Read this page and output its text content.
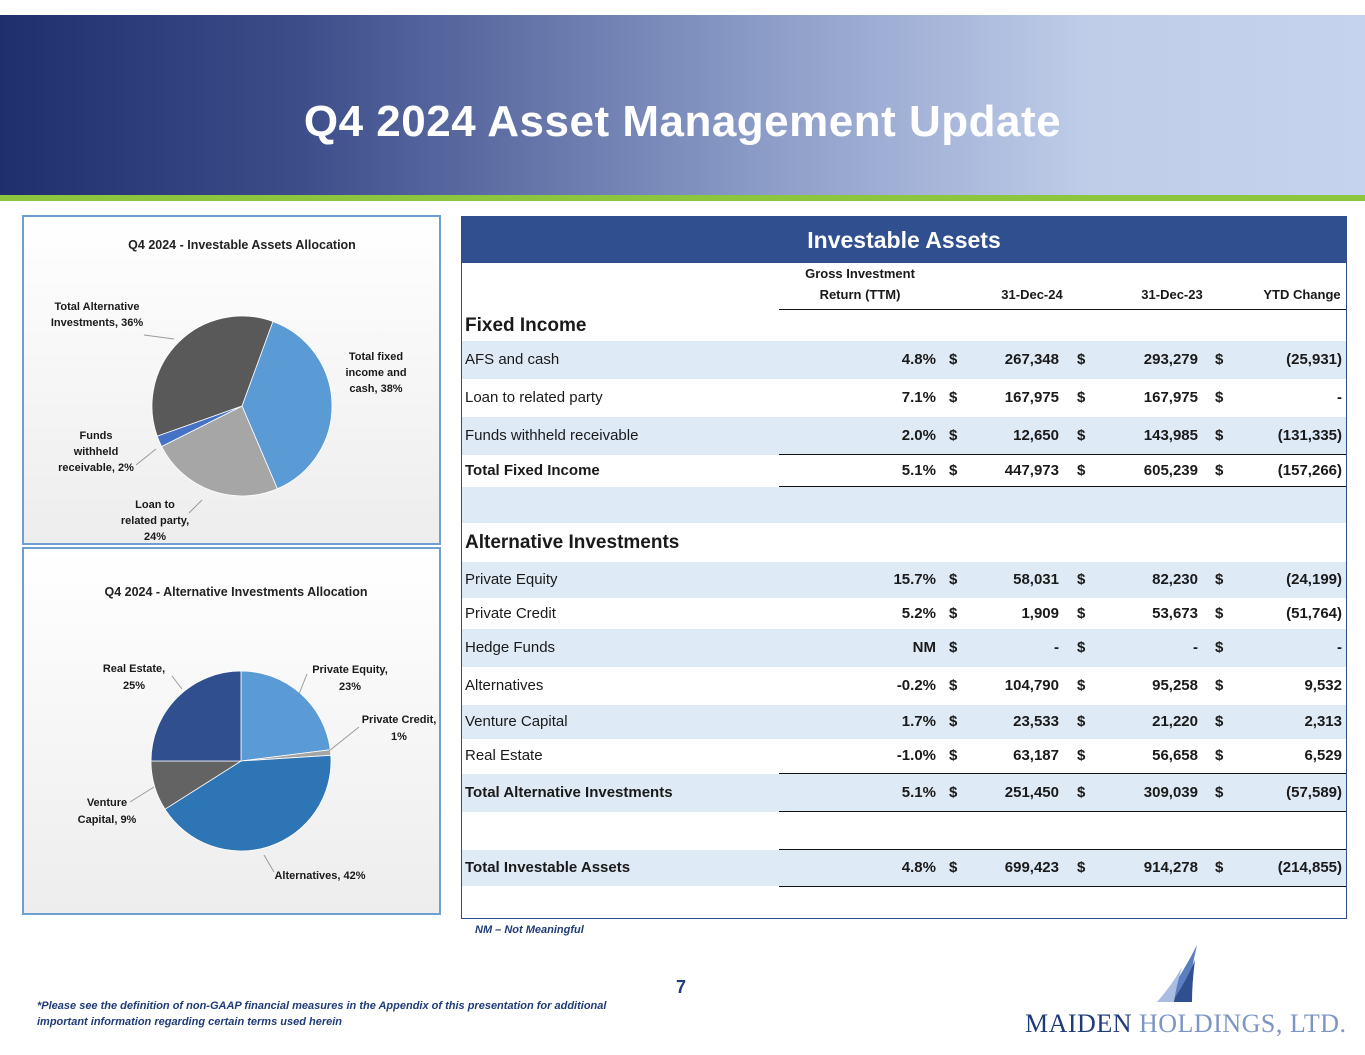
Q4 2024 Asset Management Update
Q4 2024 - Investable Assets Allocation
Total fixed income and cash, 38%
Loan to related party, 24%
Funds withheld receivable, 2%
Total Alternative Investments, 36%
Q4 2024 - Alternative Investments Allocation
Private Equity, 23%
Private Credit, 1%
Alternatives, 42%
Venture Capital, 9%
Real Estate, 25%
Investable Assets
Gross Investment
Return (TTM)	31-Dec-24	31-Dec-23	YTD Change
Fixed Income
AFS and cash	4.8% $	267,348 $	293,279 $	(25,931)
Loan to related party	7.1% $	167,975 $	167,975 $	-
Funds withheld receivable	2.0% $	12,650 $	143,985 $	(131,335)
Total Fixed Income	5.1% $	447,973 $	605,239 $	(157,266)
Alternative Investments
Private Equity	15.7% $	58,031 $	82,230 $	(24,199)
Private Credit	5.2% $	1,909 $	53,673 $	(51,764)
Hedge Funds	NM $	- $	- $	-
Alternatives	-0.2% $	104,790 $	95,258 $	9,532
Venture Capital	1.7% $	23,533 $	21,220 $	2,313
Real Estate	-1.0% $	63,187 $	56,658 $	6,529
Total Alternative Investments	5.1% $	251,450 $	309,039 $	(57,589)
Total Investable Assets	4.8% $	699,423 $	914,278 $	(214,855)
NM – Not Meaningful
7
*Please see the definition of non-GAAP financial measures in the Appendix of this presentation for additional important information regarding certain terms used herein	MAIDEN HOLDINGS, LTD.
